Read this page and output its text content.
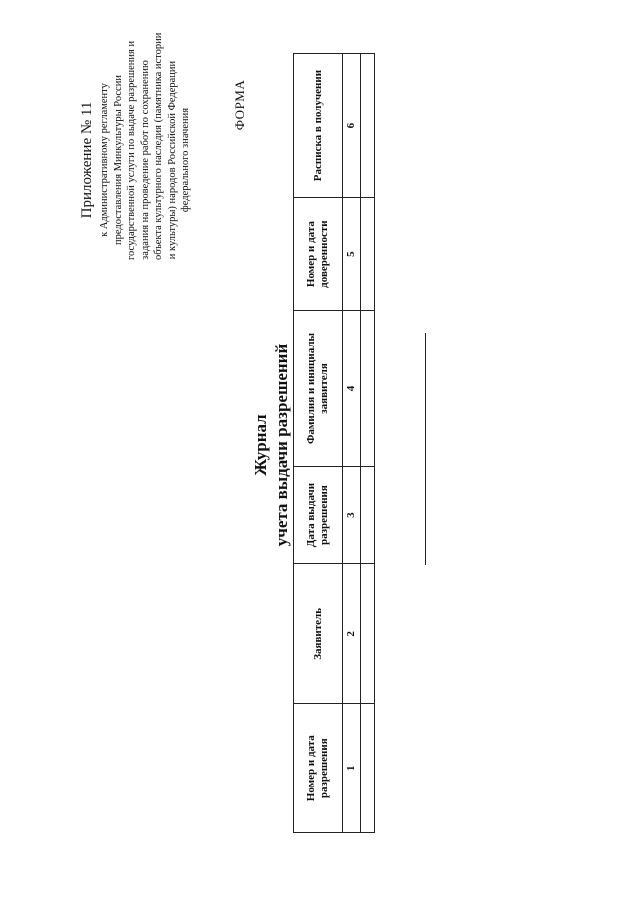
Приложение № 11 к Административному регламенту предоставления Минкультуры России государственной услуги по выдаче разрешения и задания на проведение работ по сохранению объекта культурного наследия (памятника истории и культуры) народов Российской Федерации федерального значения
ФОРМА
Журнал учета выдачи разрешений
Номер и дата разрешения	Заявитель	Дата выдачи разрешения	Фамилия и инициалы заявителя	Номер и дата доверенности	Расписка в получении
1	2	3	4	5	6
